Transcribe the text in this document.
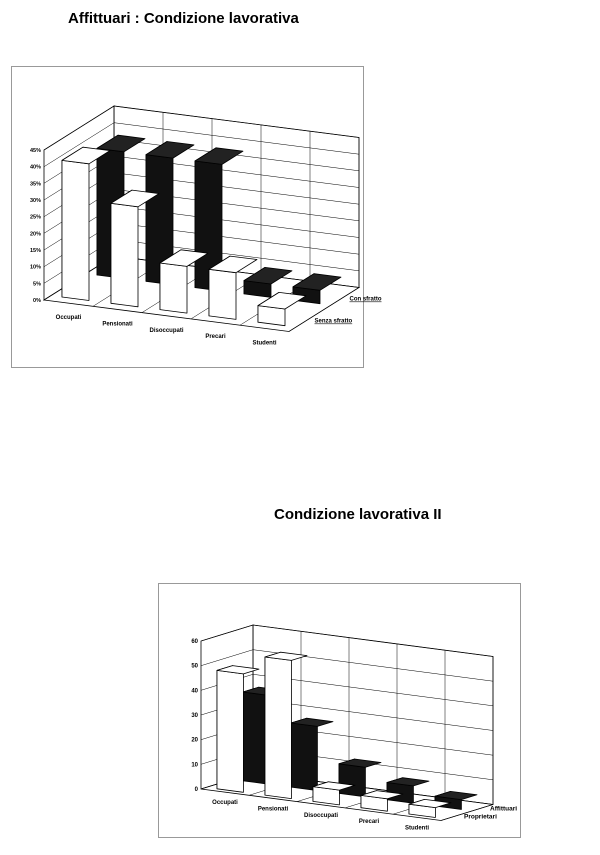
Affittuari : Condizione lavorativa
0%
5%
10%
15%
20%
25%
30%
35%
40%
45%
Occupati
Pensionati
Disoccupati
Precari
Studenti
Con sfratto
Senza sfratto
Condizione lavorativa II
0
10
20
30
40
50
60
Occupati
Pensionati
Disoccupati
Precari
Studenti
Affittuari
Proprietari
